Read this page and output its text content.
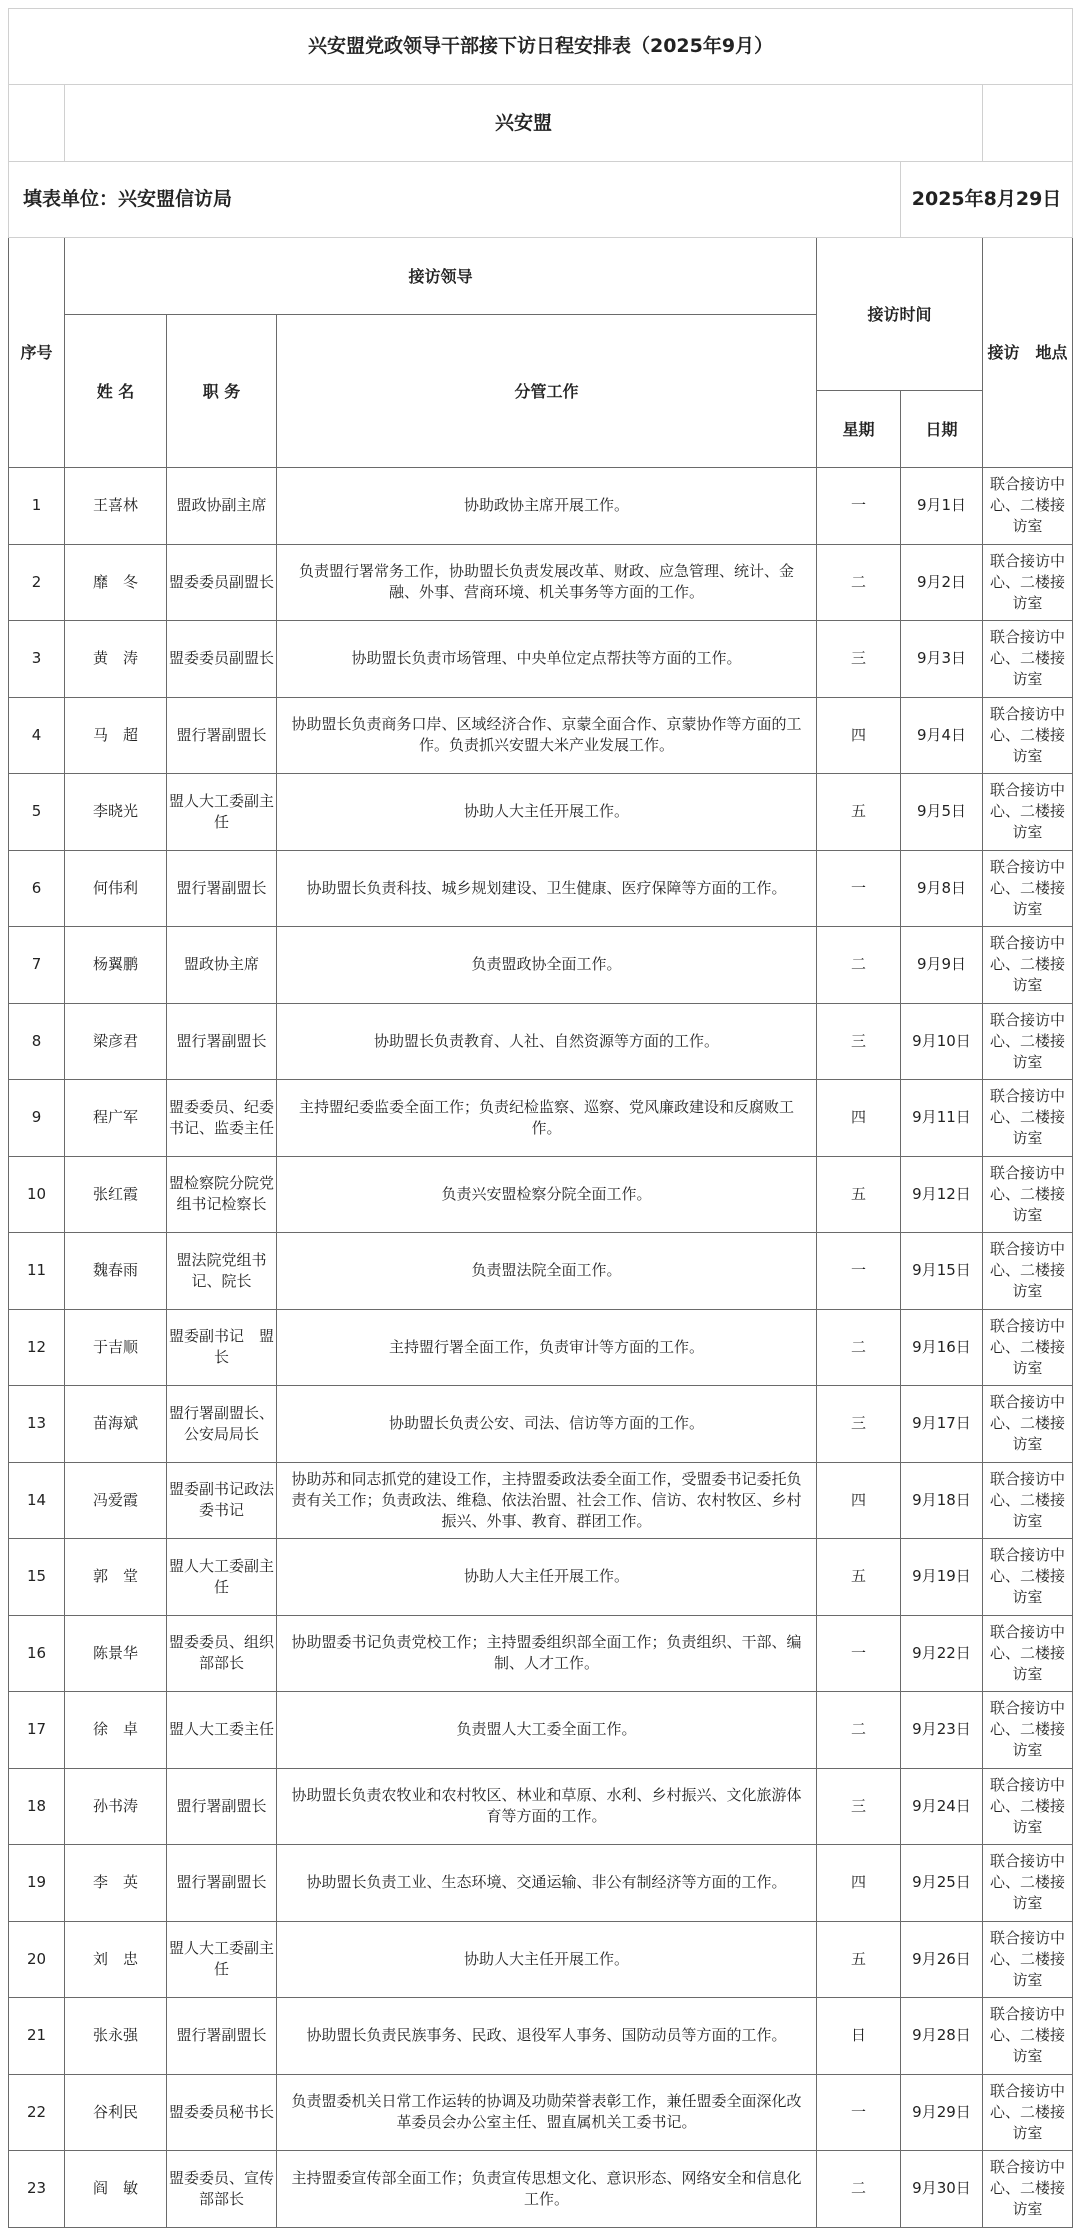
兴安盟党政领导干部接下访日程安排表（2025年9月）						
	兴安盟					
填表单位：兴安盟信访局					2025年8月29日	
序号	接访领导			接访时间		接访　地点
	姓 名	职 务	分管工作			
				星期	日期	
1	王喜林	盟政协副主席	协助政协主席开展工作。	一	9月1日	联合接访中心、二楼接访室
2	靡　冬	盟委委员副盟长	负责盟行署常务工作，协助盟长负责发展改革、财政、应急管理、统计、金融、外事、营商环境、机关事务等方面的工作。	二	9月2日	联合接访中心、二楼接访室
3	黄　涛	盟委委员副盟长	协助盟长负责市场管理、中央单位定点帮扶等方面的工作。	三	9月3日	联合接访中心、二楼接访室
4	马　超	盟行署副盟长	协助盟长负责商务口岸、区域经济合作、京蒙全面合作、京蒙协作等方面的工作。负责抓兴安盟大米产业发展工作。	四	9月4日	联合接访中心、二楼接访室
5	李晓光	盟人大工委副主任	协助人大主任开展工作。	五	9月5日	联合接访中心、二楼接访室
6	何伟利	盟行署副盟长	协助盟长负责科技、城乡规划建设、卫生健康、医疗保障等方面的工作。	一	9月8日	联合接访中心、二楼接访室
7	杨翼鹏	盟政协主席	负责盟政协全面工作。	二	9月9日	联合接访中心、二楼接访室
8	梁彦君	盟行署副盟长	协助盟长负责教育、人社、自然资源等方面的工作。	三	9月10日	联合接访中心、二楼接访室
9	程广军	盟委委员、纪委书记、监委主任	主持盟纪委监委全面工作；负责纪检监察、巡察、党风廉政建设和反腐败工作。	四	9月11日	联合接访中心、二楼接访室
10	张红霞	盟检察院分院党组书记检察长	负责兴安盟检察分院全面工作。	五	9月12日	联合接访中心、二楼接访室
11	魏春雨	盟法院党组书记、院长	负责盟法院全面工作。	一	9月15日	联合接访中心、二楼接访室
12	于吉顺	盟委副书记　盟　长	主持盟行署全面工作，负责审计等方面的工作。	二	9月16日	联合接访中心、二楼接访室
13	苗海斌	盟行署副盟长、公安局局长	协助盟长负责公安、司法、信访等方面的工作。	三	9月17日	联合接访中心、二楼接访室
14	冯爱霞	盟委副书记政法委书记	协助苏和同志抓党的建设工作，主持盟委政法委全面工作，受盟委书记委托负责有关工作；负责政法、维稳、依法治盟、社会工作、信访、农村牧区、乡村振兴、外事、教育、群团工作。	四	9月18日	联合接访中心、二楼接访室
15	郭　堂	盟人大工委副主任	协助人大主任开展工作。	五	9月19日	联合接访中心、二楼接访室
16	陈景华	盟委委员、组织部部长	协助盟委书记负责党校工作；主持盟委组织部全面工作；负责组织、干部、编制、人才工作。	一	9月22日	联合接访中心、二楼接访室
17	徐　卓	盟人大工委主任	负责盟人大工委全面工作。	二	9月23日	联合接访中心、二楼接访室
18	孙书涛	盟行署副盟长	协助盟长负责农牧业和农村牧区、林业和草原、水利、乡村振兴、文化旅游体育等方面的工作。	三	9月24日	联合接访中心、二楼接访室
19	李　英	盟行署副盟长	协助盟长负责工业、生态环境、交通运输、非公有制经济等方面的工作。	四	9月25日	联合接访中心、二楼接访室
20	刘　忠	盟人大工委副主任	协助人大主任开展工作。	五	9月26日	联合接访中心、二楼接访室
21	张永强	盟行署副盟长	协助盟长负责民族事务、民政、退役军人事务、国防动员等方面的工作。	日	9月28日	联合接访中心、二楼接访室
22	谷利民	盟委委员秘书长	负责盟委机关日常工作运转的协调及功勋荣誉表彰工作，兼任盟委全面深化改革委员会办公室主任、盟直属机关工委书记。	一	9月29日	联合接访中心、二楼接访室
23	阎　敏	盟委委员、宣传部部长	主持盟委宣传部全面工作；负责宣传思想文化、意识形态、网络安全和信息化工作。	二	9月30日	联合接访中心、二楼接访室
